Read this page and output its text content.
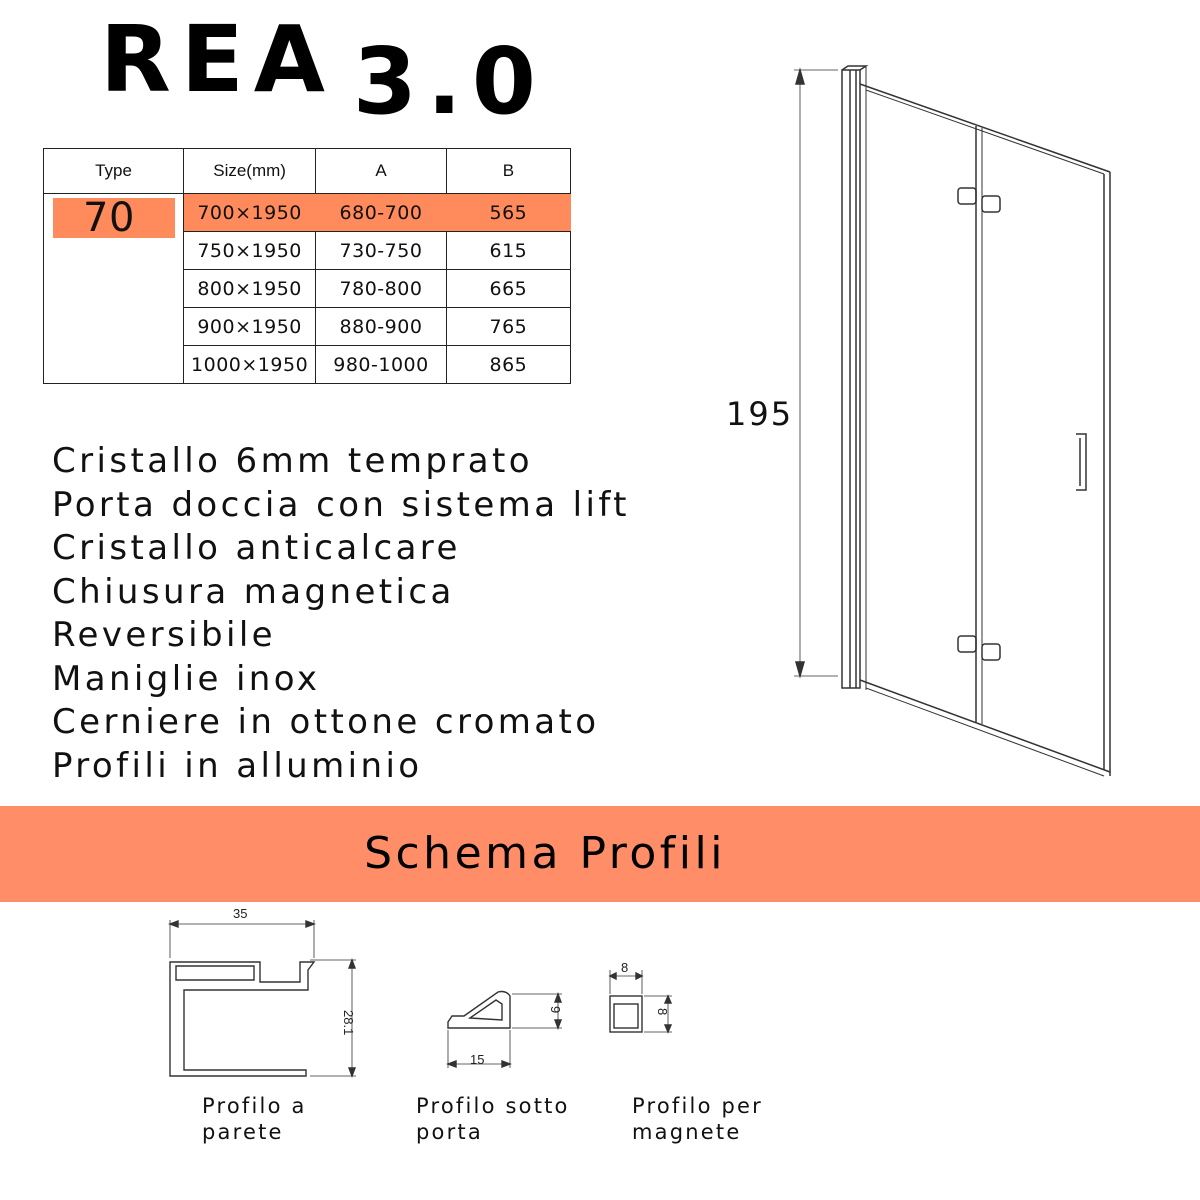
REA 3.0
Type	Size(mm)	A	B

70	700×1950	680-700	565
	750×1950	730-750	615
	800×1950	780-800	665
	900×1950	880-900	765
	1000×1950	980-1000	865
Cristallo 6mm temprato
Porta doccia con sistema lift
Cristallo anticalcare
Chiusura magnetica
Reversibile
Maniglie inox
Cerniere in ottone cromato
Profili in alluminio
195
Schema Profili
35
28.1
15
9
8
8
Profilo a
parete
Profilo sotto
porta
Profilo per
magnete
